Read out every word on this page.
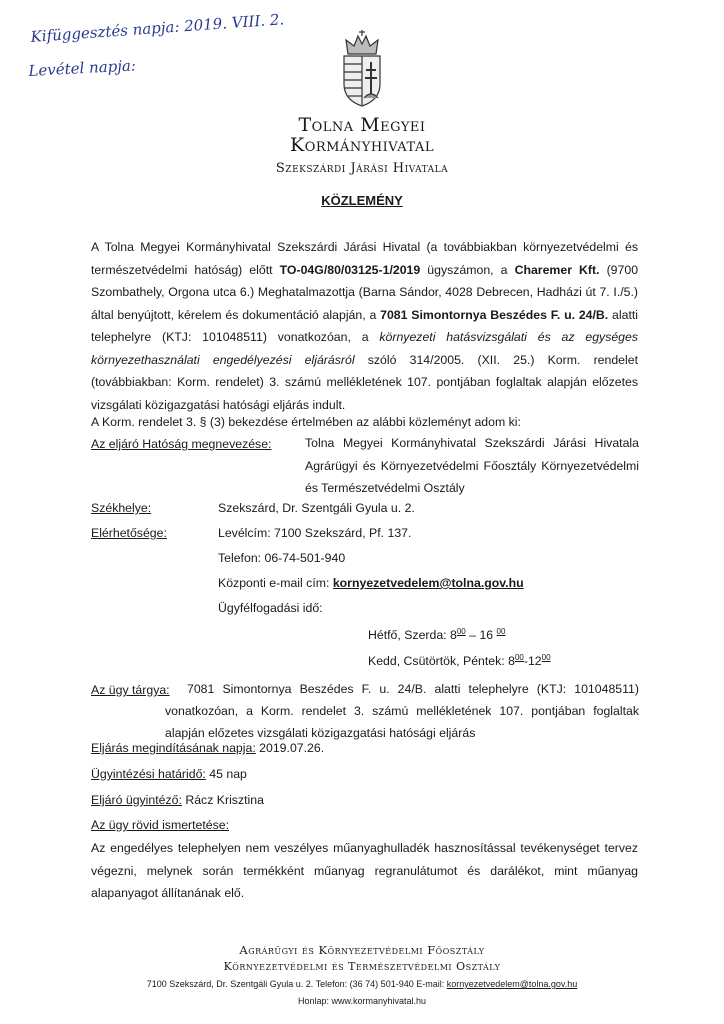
Kifüggesztés napja: 2019. VIII. 2.
Levétel napja:
Tolna Megyei
Kormányhivatal
Szekszárdi Járási Hivatala
KÖZLEMÉNY
A Tolna Megyei Kormányhivatal Szekszárdi Járási Hivatal (a továbbiakban környezetvédelmi és természetvédelmi hatóság) előtt TO-04G/80/03125-1/2019 ügyszámon, a Charemer Kft. (9700 Szombathely, Orgona utca 6.) Meghatalmazottja (Barna Sándor, 4028 Debrecen, Hadházi út 7. I./5.) által benyújtott, kérelem és dokumentáció alapján, a 7081 Simontornya Beszédes F. u. 24/B. alatti telephelyre (KTJ: 101048511) vonatkozóan, a környezeti hatásvizsgálati és az egységes környezethasználati engedélyezési eljárásról szóló 314/2005. (XII. 25.) Korm. rendelet (továbbiakban: Korm. rendelet) 3. számú mellékletének 107. pontjában foglaltak alapján előzetes vizsgálati közigazgatási hatósági eljárás indult.
A Korm. rendelet 3. § (3) bekezdése értelmében az alábbi közleményt adom ki:
Az eljáró Hatóság megnevezése:	Tolna Megyei Kormányhivatal Szekszárdi Járási Hivatala
Agrárügyi és Környezetvédelmi Főosztály Környezetvédelmi
és Természetvédelmi Osztály
Székhelye:	Szekszárd, Dr. Szentgáli Gyula u. 2.
Elérhetősége:	Levélcím: 7100 Szekszárd, Pf. 137.
Telefon: 06-74-501-940
Központi e-mail cím: kornyezetvedelem@tolna.gov.hu
Ügyfélfogadási idő:
Hétfő, Szerda: $8^{00} - 16$ $^{00}$
Kedd, Csütörtök, Péntek: $8^{00}-12^{00}$
Az ügy tárgya: 7081 Simontornya Beszédes F. u. 24/B. alatti telephelyre (KTJ: 101048511)
vonatkozóan, a Korm. rendelet 3. számú mellékletének 107. pontjában foglaltak
alapján előzetes vizsgálati közigazgatási hatósági eljárás
Eljárás megindításának napja: 2019.07.26.
Ügyintézési határidő: 45 nap
Eljáró ügyintéző: Rácz Krisztina
Az ügy rövid ismertetése:
Az engedélyes telephelyen nem veszélyes műanyaghulladék hasznosítással tevékenységet tervez végezni, melynek során termékként műanyag regranulátumot és darálékot, mint műanyag alapanyagot állítanának elő.
Agrárügyi és Környezetvédelmi Főosztály
Környezetvédelmi és Természetvédelmi Osztály
7100 Szekszárd, Dr. Szentgáli Gyula u. 2. Telefon: (36 74) 501-940 E-mail: kornyezetvedelem@tolna.gov.hu
Honlap: www.kormanyhivatal.hu
